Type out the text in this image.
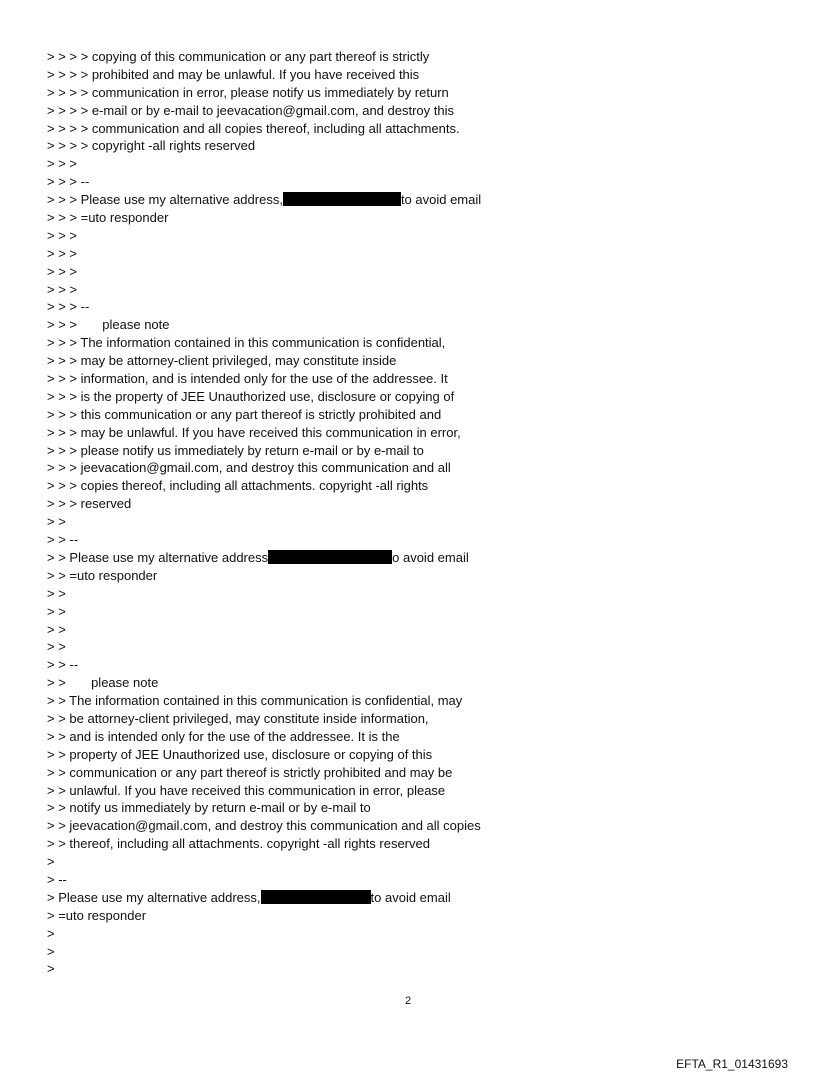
> > > > copying of this communication or any part thereof is strictly
> > > > prohibited and may be unlawful. If you have received this
> > > > communication in error, please notify us immediately by return
> > > > e-mail or by e-mail to jeevacation@gmail.com, and destroy this
> > > > communication and all copies thereof, including all attachments.
> > > > copyright -all rights reserved
> > >
> > > --
> > > Please use my alternative address,	to avoid email
> > > =uto responder
> > >
> > >
> > >
> > >
> > > --
> > >       please note
> > > The information contained in this communication is confidential,
> > > may be attorney-client privileged, may constitute inside
> > > information, and is intended only for the use of the addressee. It
> > > is the property of JEE Unauthorized use, disclosure or copying of
> > > this communication or any part thereof is strictly prohibited and
> > > may be unlawful. If you have received this communication in error,
> > > please notify us immediately by return e-mail or by e-mail to
> > > jeevacation@gmail.com, and destroy this communication and all
> > > copies thereof, including all attachments. copyright -all rights
> > > reserved
> >
> > --
> > Please use my alternative address	o avoid email
> > =uto responder
> >
> >
> >
> >
> > --
> >       please note
> > The information contained in this communication is confidential, may
> > be attorney-client privileged, may constitute inside information,
> > and is intended only for the use of the addressee. It is the
> > property of JEE Unauthorized use, disclosure or copying of this
> > communication or any part thereof is strictly prohibited and may be
> > unlawful. If you have received this communication in error, please
> > notify us immediately by return e-mail or by e-mail to
> > jeevacation@gmail.com, and destroy this communication and all copies
> > thereof, including all attachments. copyright -all rights reserved
>
> --
> Please use my alternative address,	to avoid email
> =uto responder
>
>
>
2
EFTA_R1_01431693
